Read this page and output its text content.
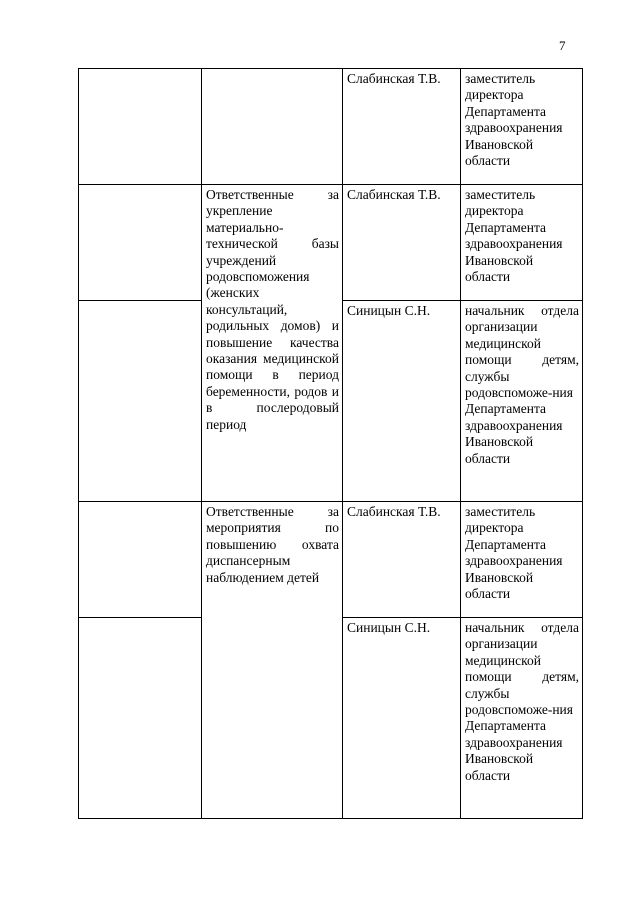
7
		Слабинская Т.В.	заместитель директора Департамента здравоохранения Ивановской области
	Ответственные за укрепление материально-технической базы учреждений родовспоможения (женских консультаций, родильных домов) и повышение качества оказания медицинской помощи в период беременности, родов и в послеродовый период	Слабинская Т.В.	заместитель директора Департамента здравоохранения Ивановской области
		Синицын С.Н.	начальник отдела организации медицинской помощи детям, службы родовспоможе-ния Департамента здравоохранения Ивановской области
	Ответственные за мероприятия по повышению охвата диспансерным наблюдением детей	Слабинская Т.В.	заместитель директора Департамента здравоохранения Ивановской области
		Синицын С.Н.	начальник отдела организации медицинской помощи детям, службы родовспоможе-ния Департамента здравоохранения Ивановской области
